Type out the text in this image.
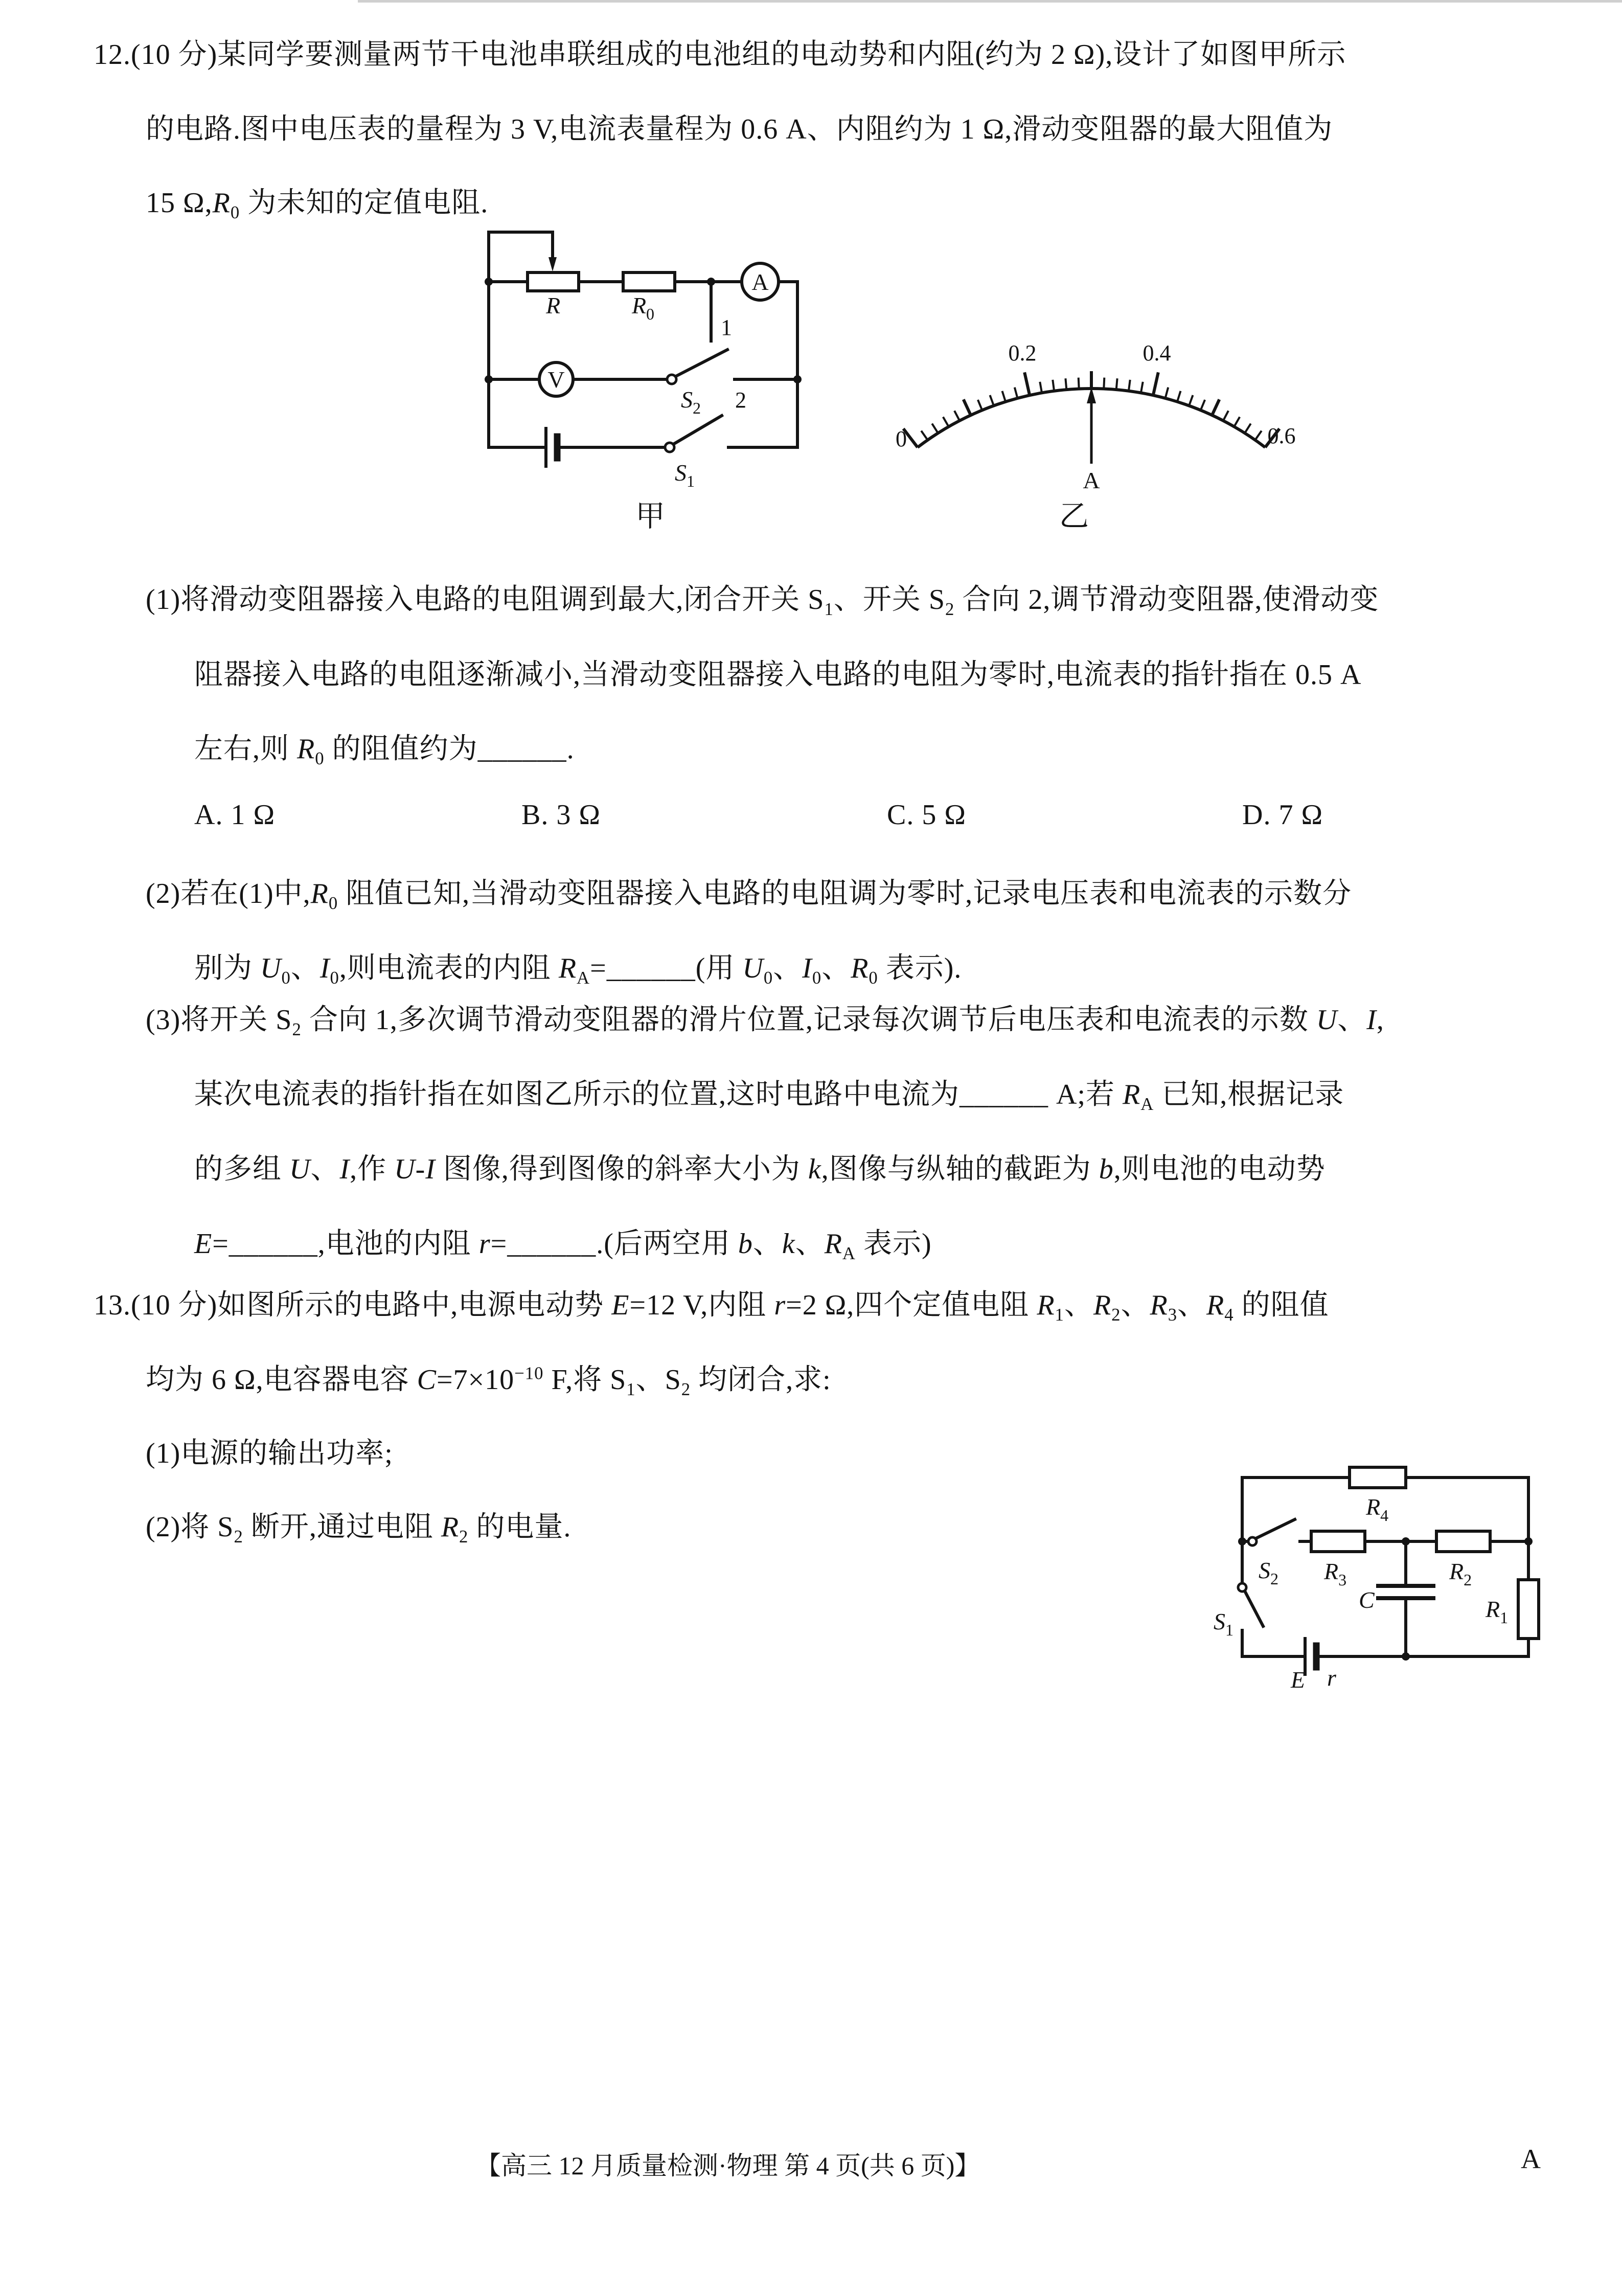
12.(10 分)某同学要测量两节干电池串联组成的电池组的电动势和内阻(约为 2 Ω),设计了如图甲所示
的电路.图中电压表的量程为 3 V,电流表量程为 0.6 A、内阻约为 1 Ω,滑动变阻器的最大阻值为
15 $\Omega,R_0$ 为未知的定值电阻.
R	$R_0$
A
V
1
2
$S_2$
$S_1$
甲
0
0.2	0.4
0.6
A
乙
(1)将滑动变阻器接入电路的电阻调到最大,闭合开关 $S_1$、开关 $S_2$ 合向 2,调节滑动变阻器,使滑动变
阻器接入电路的电阻逐渐减小,当滑动变阻器接入电路的电阻为零时,电流表的指针指在 0.5 A
左右,则 $R_0$ 的阻值约为______.
A. 1 Ω	B. 3 Ω	C. 5 Ω	D. 7 Ω
(2)若在(1)中$,R_0$ 阻值已知,当滑动变阻器接入电路的电阻调为零时,记录电压表和电流表的示数分
别为 $U_0$、$I_0$,则电流表的内阻 $R_A=\_\_\_\_\_\_$(用 $U_0$、$I_0$、$R_0$ 表示).
(3)将开关 $S_2$ 合向 1,多次调节滑动变阻器的滑片位置,记录每次调节后电压表和电流表的示数 U、I,
某次电流表的指针指在如图乙所示的位置,这时电路中电流为______ A;若 $R_A$ 已知,根据记录
的多组 U、I,作 U-I 图像,得到图像的斜率大小为 k,图像与纵轴的截距为 b,则电池的电动势
E=______,电池的内阻 r=______.(后两空用 b、k、$R_A$ 表示)
13.(10 分)如图所示的电路中,电源电动势 E=12 V,内阻 r=2 Ω,四个定值电阻 $R_1$、$R_2$、$R_3$、$R_4$ 的阻值
均为 6 Ω,电容器电容 $C=7\times 10^{-10}$ F,将 $S_1$、$S_2$ 均闭合,求:
(1)电源的输出功率;
(2)将 $S_2$ 断开,通过电阻 $R_2$ 的电量.
$R_4$
$S_2$ $R_3$	$R_2$
C	$R_1$
$S_1$
E r
【高三 12 月质量检测·物理 第 4 页(共 6 页)】	A
